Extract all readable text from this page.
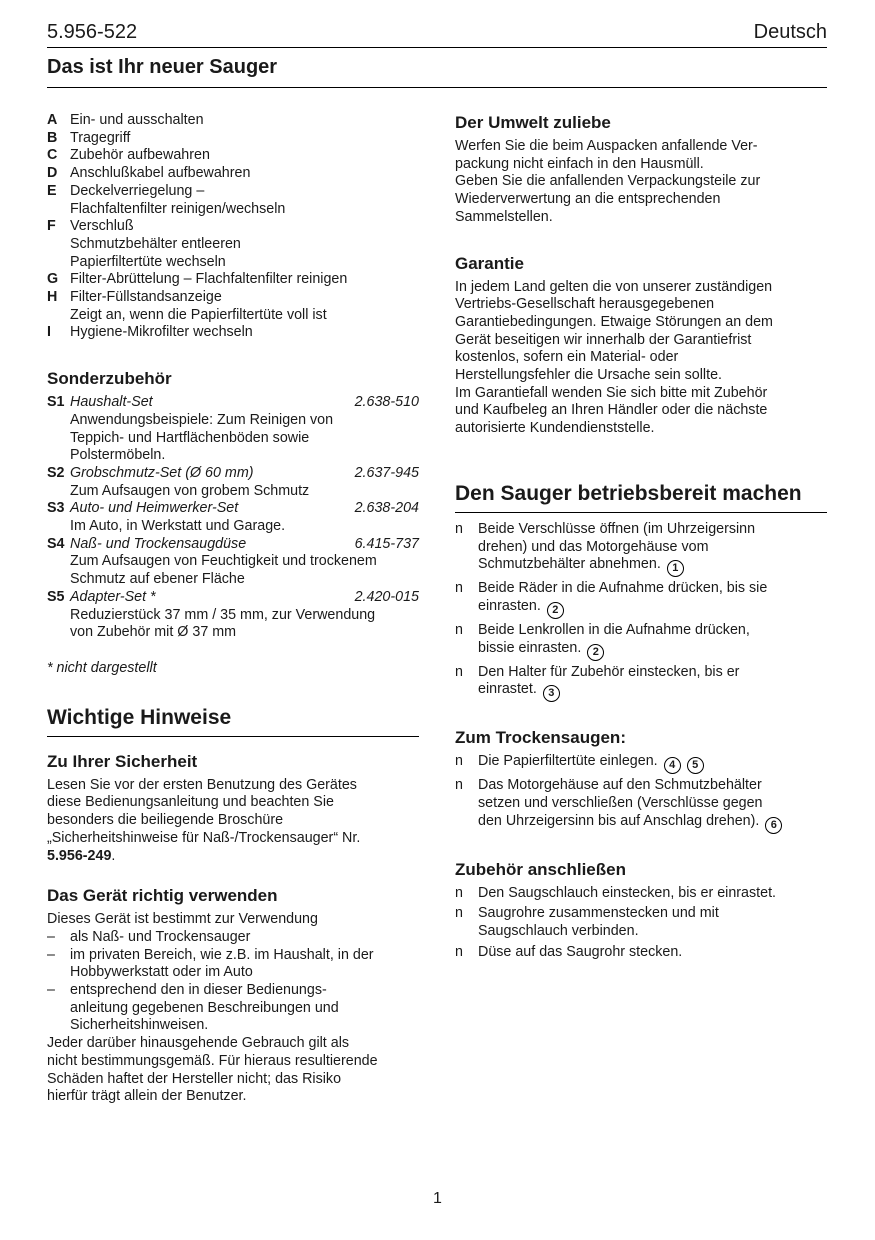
5.956-522	Deutsch
Das ist Ihr neuer Sauger
A Ein- und ausschalten
B Tragegriff
C Zubehör aufbewahren
D Anschlußkabel aufbewahren
E Deckelverriegelung –
Flachfaltenfilter reinigen/wechseln
F Verschluß
Schmutzbehälter entleeren
Papierfiltertüte wechseln
G Filter-Abrüttelung – Flachfaltenfilter reinigen
H Filter-Füllstandsanzeige
Zeigt an, wenn die Papierfiltertüte voll ist
I	Hygiene-Mikrofilter wechseln
Sonderzubehör
S1 Haushalt-Set	2.638-510
Anwendungsbeispiele: Zum Reinigen von
Teppich- und Hartflächenböden sowie
Polstermöbeln.
S2 Grobschmutz-Set (Ø 60 mm)	2.637-945
Zum Aufsaugen von grobem Schmutz
S3 Auto- und Heimwerker-Set	2.638-204
Im Auto, in Werkstatt und Garage.
S4 Naß- und Trockensaugdüse	6.415-737
Zum Aufsaugen von Feuchtigkeit und trockenem
Schmutz auf ebener Fläche
S5 Adapter-Set *	2.420-015
Reduzierstück 37 mm / 35 mm, zur Verwendung
von Zubehör mit Ø 37 mm
* nicht dargestellt
Wichtige Hinweise
Zu Ihrer Sicherheit
Lesen Sie vor der ersten Benutzung des Gerätes
diese Bedienungsanleitung und beachten Sie
besonders die beiliegende Broschüre
„Sicherheitshinweise für Naß-/Trockensauger“ Nr.

5.956-249.

Das Gerät richtig verwenden

Dieses Gerät ist bestimmt zur Verwendung

–	als Naß- und Trockensauger
–	im privaten Bereich, wie z.B. im Haushalt, in der
Hobbywerkstatt oder im Auto
–	entsprechend den in dieser Bedienungs-
anleitung gegebenen Beschreibungen und
Sicherheitshinweisen.
Jeder darüber hinausgehende Gebrauch gilt als
nicht bestimmungsgemäß. Für hieraus resultierende
Schäden haftet der Hersteller nicht; das Risiko
hierfür trägt allein der Benutzer.
Der Umwelt zuliebe
Werfen Sie die beim Auspacken anfallende Ver-
packung nicht einfach in den Hausmüll.
Geben Sie die anfallenden Verpackungsteile zur
Wiederverwertung an die entsprechenden
Sammelstellen.
Garantie
In jedem Land gelten die von unserer zuständigen
Vertriebs-Gesellschaft herausgegebenen
Garantiebedingungen. Etwaige Störungen an dem
Gerät beseitigen wir innerhalb der Garantiefrist
kostenlos, sofern ein Material- oder
Herstellungsfehler die Ursache sein sollte.
Im Garantiefall wenden Sie sich bitte mit Zubehör
und Kaufbeleg an Ihren Händler oder die nächste
autorisierte Kundendienststelle.
Den Sauger betriebsbereit machen
n	Beide Verschlüsse öffnen (im Uhrzeigersinn
drehen) und das Motorgehäuse vom
Schmutzbehälter abnehmen. 1
n	Beide Räder in die Aufnahme drücken, bis sie
einrasten. 2
n	Beide Lenkrollen in die Aufnahme drücken,
bissie einrasten. 2
n	Den Halter für Zubehör einstecken, bis er
einrastet. 3
Zum Trockensaugen:
n	Die Papierfiltertüte einlegen. 4 5
n	Das Motorgehäuse auf den Schmutzbehälter
setzen und verschließen (Verschlüsse gegen
den Uhrzeigersinn bis auf Anschlag drehen). 6
Zubehör anschließen
n	Den Saugschlauch einstecken, bis er einrastet.
n	Saugrohre zusammenstecken und mit
Saugschlauch verbinden.
n	Düse auf das Saugrohr stecken.
1
